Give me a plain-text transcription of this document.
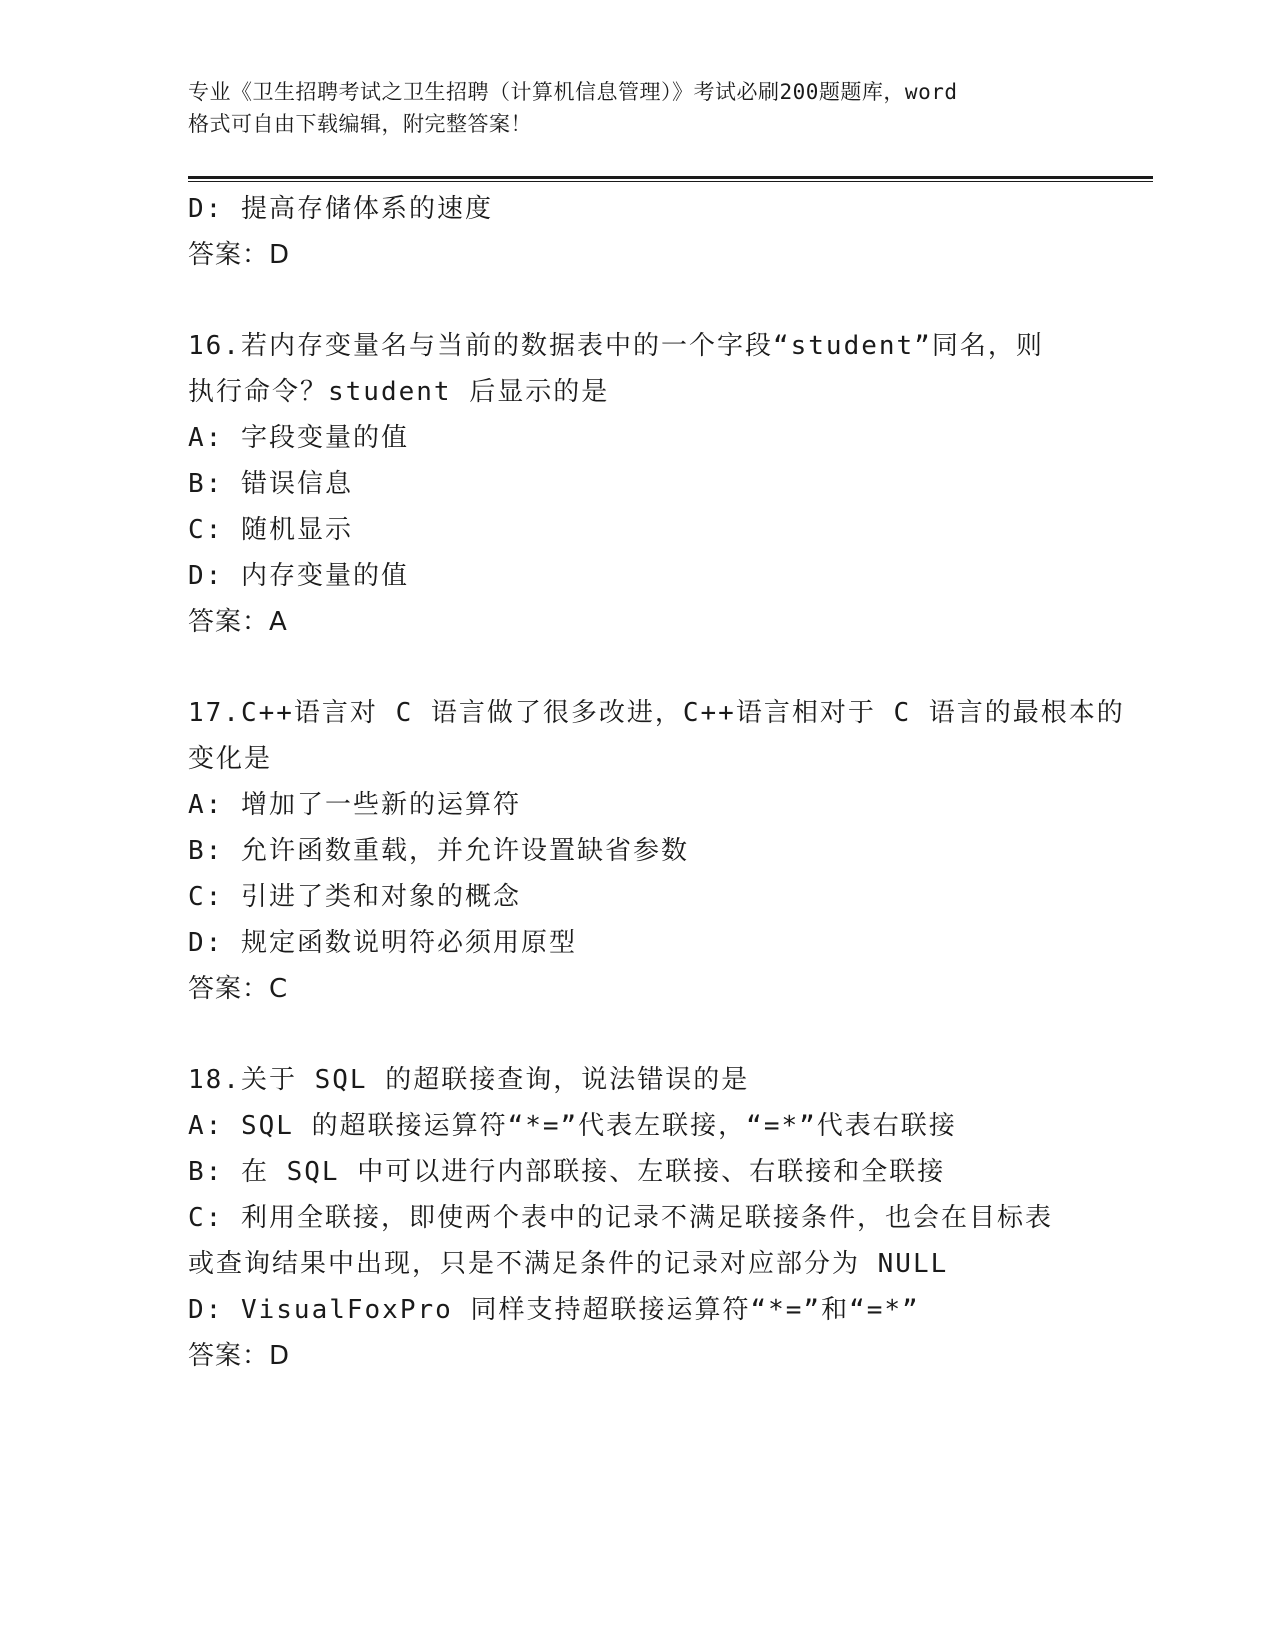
专业《卫生招聘考试之卫生招聘（计算机信息管理）》考试必刷200题题库，word
格式可自由下载编辑，附完整答案！
D: 提高存储体系的速度
答案：D
16.若内存变量名与当前的数据表中的一个字段“student”同名，则
执行命令？student 后显示的是
A: 字段变量的值
B: 错误信息
C: 随机显示
D: 内存变量的值
答案：A
17.C++语言对 C 语言做了很多改进，C++语言相对于 C 语言的最根本的
变化是
A: 增加了一些新的运算符
B: 允许函数重载，并允许设置缺省参数
C: 引进了类和对象的概念
D: 规定函数说明符必须用原型
答案：C
18.关于 SQL 的超联接查询，说法错误的是
A: SQL 的超联接运算符“*=”代表左联接，“=*”代表右联接
B: 在 SQL 中可以进行内部联接、左联接、右联接和全联接
C: 利用全联接，即使两个表中的记录不满足联接条件，也会在目标表
或查询结果中出现，只是不满足条件的记录对应部分为 NULL
D: VisualFoxPro 同样支持超联接运算符“*=”和“=*”
答案：D
